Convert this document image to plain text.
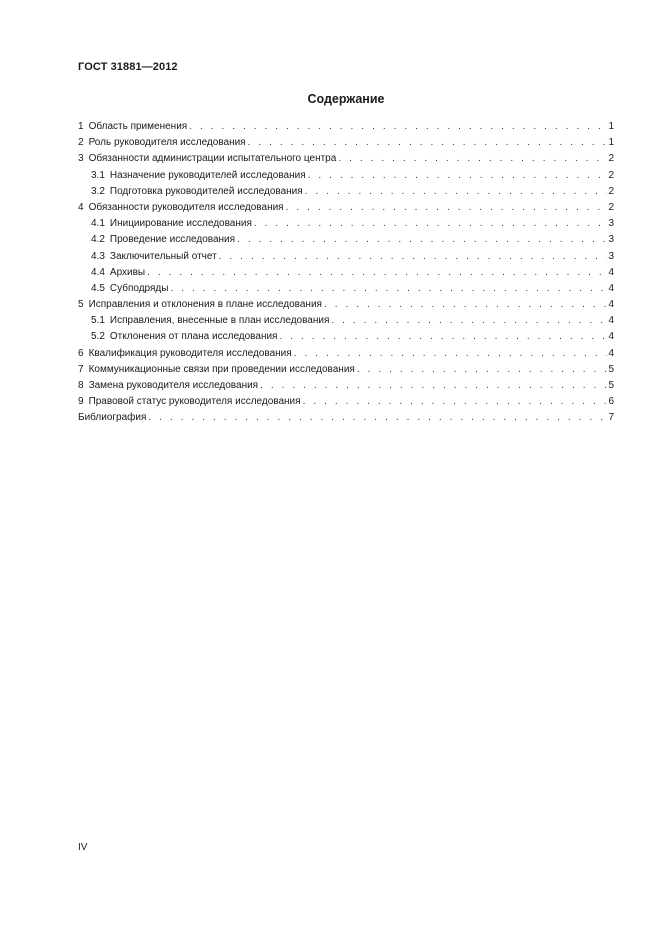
ГОСТ 31881—2012
Содержание
1 Область применения . . .	1
2 Роль руководителя исследования . . .	1
3 Обязанности администрации испытательного центра . . .	2
3.1 Назначение руководителей исследования . . .	2
3.2 Подготовка руководителей исследования . . .	2
4 Обязанности руководителя исследования . . .	2
4.1 Инициирование исследования . . .	3
4.2 Проведение исследования . . .	3
4.3 Заключительный отчет . . .	3
4.4 Архивы . . .	4
4.5 Субподряды . . .	4
5 Исправления и отклонения в плане исследования . . .	4
5.1 Исправления, внесенные в план исследования . . .	4
5.2 Отклонения от плана исследования . . .	4
6 Квалификация руководителя исследования . . .	4
7 Коммуникационные связи при проведении исследования . . .	5
8 Замена руководителя исследования . . .	5
9 Правовой статус руководителя исследования . . .	6
Библиография . . .	7
IV
